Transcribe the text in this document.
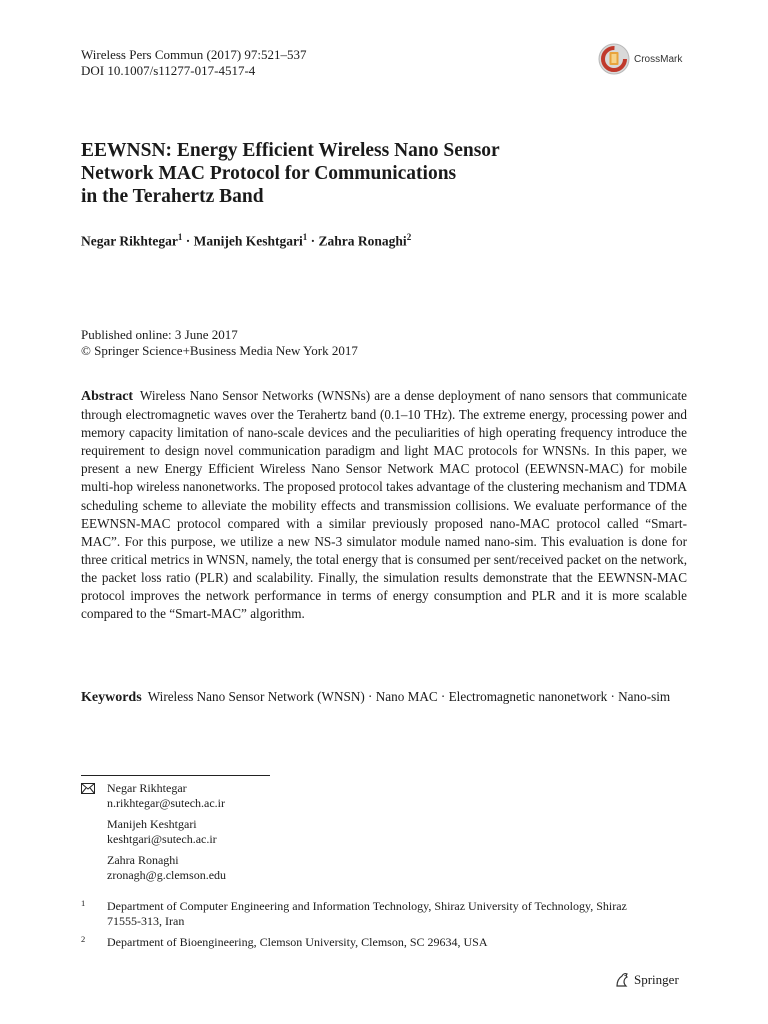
Wireless Pers Commun (2017) 97:521–537
DOI 10.1007/s11277-017-4517-4
CrossMark
EEWNSN: Energy Efficient Wireless Nano Sensor
Network MAC Protocol for Communications
in the Terahertz Band
Negar Rikhtegar$^1$ · Manijeh Keshtgari$^1$ · Zahra Ronaghi$^2$
Published online: 3 June 2017
© Springer Science+Business Media New York 2017
Abstract Wireless Nano Sensor Networks (WNSNs) are a dense deployment of nano sensors that communicate through electromagnetic waves over the Terahertz band (0.1–10 THz). The extreme energy, processing power and memory capacity limitation of nano-scale devices and the peculiarities of high operating frequency introduce the requirement to design novel communication paradigm and light MAC protocols for WNSNs. In this paper, we present a new Energy Efficient Wireless Nano Sensor Network MAC protocol (EEWNSN-MAC) for mobile multi-hop wireless nanonetworks. The proposed protocol takes advantage of the clustering mechanism and TDMA scheduling scheme to alleviate the mobility effects and transmission collisions. We evaluate performance of the EEWNSN-MAC protocol compared with a similar previously proposed nano-MAC protocol called “Smart-MAC”. For this purpose, we utilize a new NS-3 simulator module named nano-sim. This evaluation is done for three critical metrics in WNSN, namely, the total energy that is consumed per sent/received packet on the network, the packet loss ratio (PLR) and scalability. Finally, the simulation results demonstrate that the EEWNSN-MAC protocol improves the network performance in terms of energy consumption and PLR and it is more scalable compared to the “Smart-MAC” algorithm.
Keywords Wireless Nano Sensor Network (WNSN) · Nano MAC · Electromagnetic nanonetwork · Nano-sim
Negar Rikhtegar
n.rikhtegar@sutech.ac.ir
Manijeh Keshtgari
keshtgari@sutech.ac.ir
Zahra Ronaghi
zronagh@g.clemson.edu
1 Department of Computer Engineering and Information Technology, Shiraz University of Technology, Shiraz 71555-313, Iran
2 Department of Bioengineering, Clemson University, Clemson, SC 29634, USA
Springer
